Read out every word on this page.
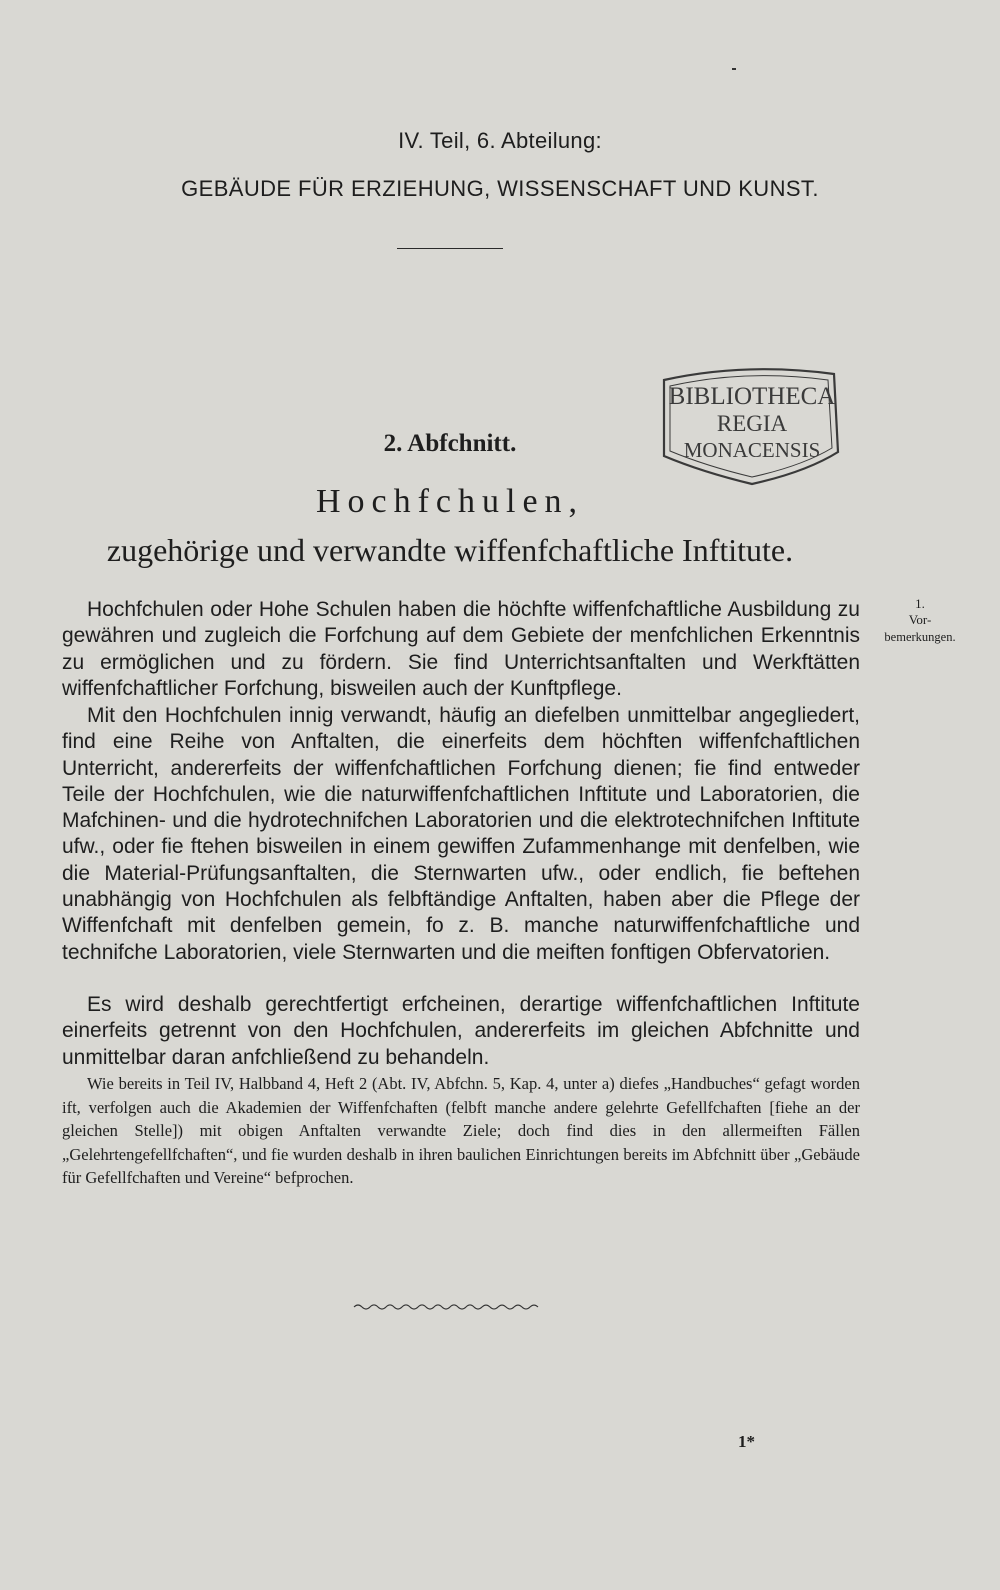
IV. Teil, 6. Abteilung:

GEBÄUDE FÜR ERZIEHUNG, WISSENSCHAFT UND KUNST.

BIBLIOTHECA
REGIA
MONACENSIS

2. Abfchnitt.

Hochfchulen,

zugehörige und verwandte wiffenfchaftliche Inftitute.

1.

Vor-

bemerkungen.

Hochfchulen oder Hohe Schulen haben die höchfte wiffenfchaftliche Ausbildung zu gewähren und zugleich die Forfchung auf dem Gebiete der menfchlichen Erkenntnis zu ermöglichen und zu fördern. Sie find Unterrichtsanftalten und Werkftätten wiffenfchaftlicher Forfchung, bisweilen auch der Kunftpflege.

Mit den Hochfchulen innig verwandt, häufig an diefelben unmittelbar angegliedert, find eine Reihe von Anftalten, die einerfeits dem höchften wiffenfchaftlichen Unterricht, andererfeits der wiffenfchaftlichen Forfchung dienen; fie find entweder Teile der Hochfchulen, wie die naturwiffenfchaftlichen Inftitute und Laboratorien, die Mafchinen- und die hydrotechnifchen Laboratorien und die elektrotechnifchen Inftitute ufw., oder fie ftehen bisweilen in einem gewiffen Zufammenhange mit denfelben, wie die Material-Prüfungsanftalten, die Sternwarten ufw., oder endlich, fie beftehen unabhängig von Hochfchulen als felbftändige Anftalten, haben aber die Pflege der Wiffenfchaft mit denfelben gemein, fo z. B. manche naturwiffenfchaftliche und technifche Laboratorien, viele Sternwarten und die meiften fonftigen Obfervatorien.

Es wird deshalb gerechtfertigt erfcheinen, derartige wiffenfchaftlichen Inftitute einerfeits getrennt von den Hochfchulen, andererfeits im gleichen Abfchnitte und unmittelbar daran anfchließend zu behandeln.

Wie bereits in Teil IV, Halbband 4, Heft 2 (Abt. IV, Abfchn. 5, Kap. 4, unter a) diefes „Handbuches“ gefagt worden ift, verfolgen auch die Akademien der Wiffenfchaften (felbft manche andere gelehrte Gefellfchaften [fiehe an der gleichen Stelle]) mit obigen Anftalten verwandte Ziele; doch find dies in den allermeiften Fällen „Gelehrtengefellfchaften“, und fie wurden deshalb in ihren baulichen Einrichtungen bereits im Abfchnitt über „Gebäude für Gefellfchaften und Vereine“ befprochen.

1*
